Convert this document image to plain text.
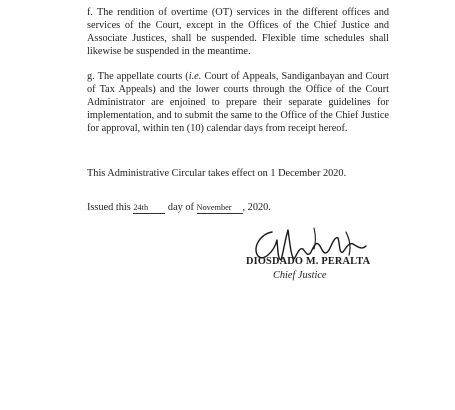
f. The rendition of overtime (OT) services in the different offices and services of the Court, except in the Offices of the Chief Justice and Associate Justices, shall be suspended. Flexible time schedules shall likewise be suspended in the meantime.
g. The appellate courts (i.e. Court of Appeals, Sandiganbayan and Court of Tax Appeals) and the lower courts through the Office of the Court Administrator are enjoined to prepare their separate guidelines for implementation, and to submit the same to the Office of the Chief Justice for approval, within ten (10) calendar days from receipt hereof.
This Administrative Circular takes effect on 1 December 2020.
Issued this 24th day of November , 2020.
DIOSDADO M. PERALTA
Chief Justice
